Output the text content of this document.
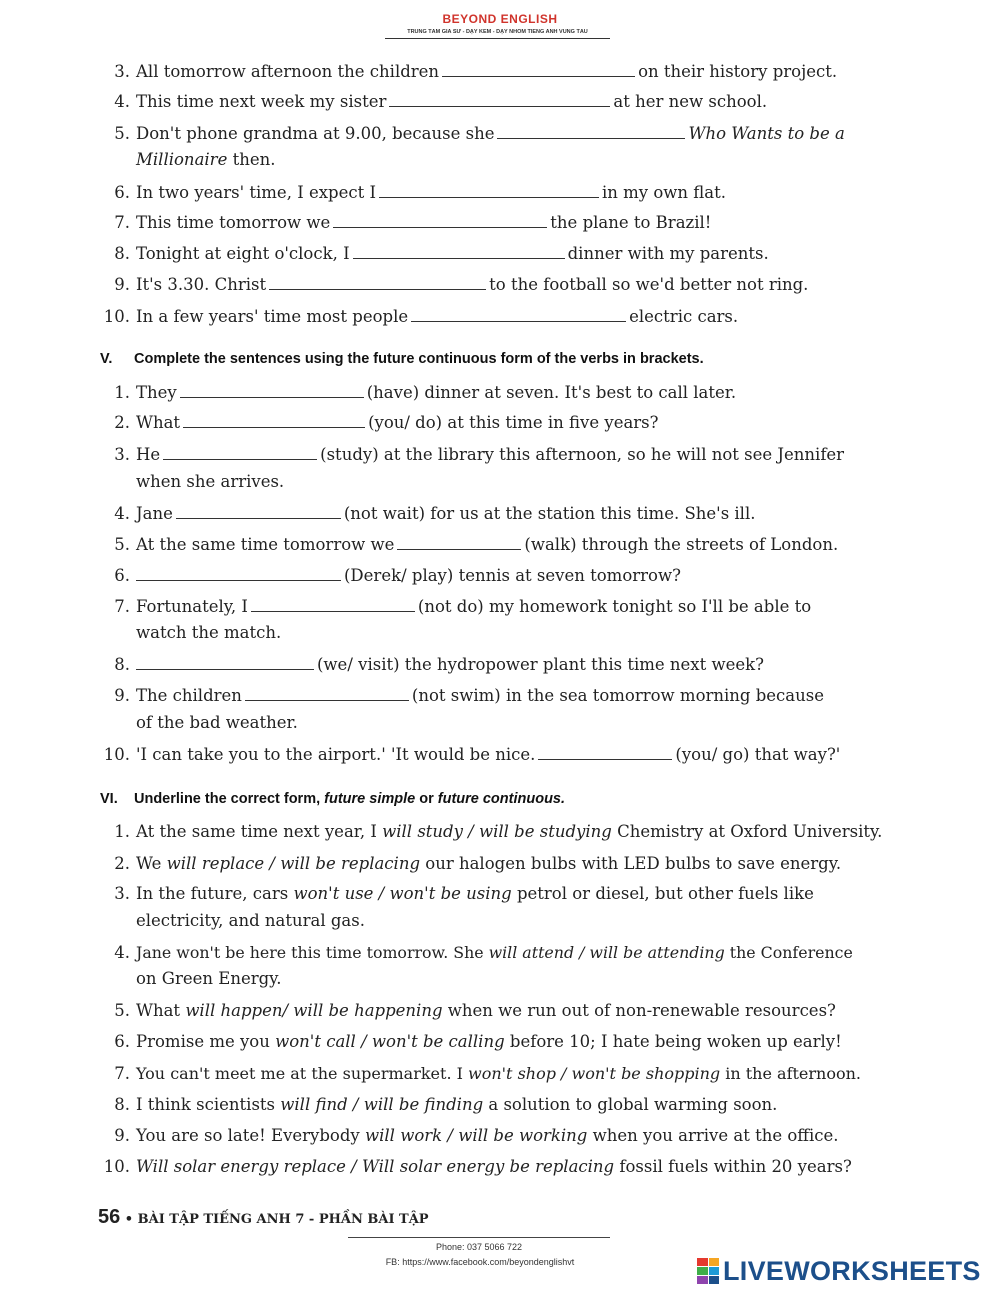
BEYOND ENGLISH
TRUNG TÂM GIA SƯ - DẠY KÈM - DẠY NHÓM TIẾNG ANH VŨNG TÀU
3. All tomorrow afternoon the children	on their history project.
4. This time next week my sister	at her new school.
5. Don't phone grandma at 9.00, because she	Who Wants to be a
Millionaire then.
6. In two years' time, I expect I	in my own flat.
7. This time tomorrow we	the plane to Brazil!
8. Tonight at eight o'clock, I	dinner with my parents.
9. It's 3.30. Christ	to the football so we'd better not ring.
10. In a few years' time most people	electric cars.
V. Complete the sentences using the future continuous form of the verbs in brackets.
1. They	(have) dinner at seven. It's best to call later.
2. What	(you/ do) at this time in five years?
3. He	(study) at the library this afternoon, so he will not see Jennifer
when she arrives.
4. Jane	(not wait) for us at the station this time. She's ill.
5. At the same time tomorrow we	(walk) through the streets of London.
6.	(Derek/ play) tennis at seven tomorrow?
7. Fortunately, I	(not do) my homework tonight so I'll be able to
watch the match.
8.	(we/ visit) the hydropower plant this time next week?
9. The children	(not swim) in the sea tomorrow morning because
of the bad weather.
10. 'I can take you to the airport.' 'It would be nice.	(you/ go) that way?'
VI. Underline the correct form, future simple or future continuous.
1. At the same time next year, I will study / will be studying Chemistry at Oxford University.
2. We will replace / will be replacing our halogen bulbs with LED bulbs to save energy.
3. In the future, cars won't use / won't be using petrol or diesel, but other fuels like
electricity, and natural gas.
4. Jane won't be here this time tomorrow. She will attend / will be attending the Conference
on Green Energy.
5. What will happen/ will be happening when we run out of non-renewable resources?
6. Promise me you won't call / won't be calling before 10; I hate being woken up early!
7. You can't meet me at the supermarket. I won't shop / won't be shopping in the afternoon.
8. I think scientists will find / will be finding a solution to global warming soon.
9. You are so late! Everybody will work / will be working when you arrive at the office.
10. Will solar energy replace / Will solar energy be replacing fossil fuels within 20 years?
56 • BÀI TẬP TIẾNG ANH 7 - PHẦN BÀI TẬP
Phone: 037 5066 722
FB: https://www.facebook.com/beyondenglishvt	LIVEWORKSHEETS
